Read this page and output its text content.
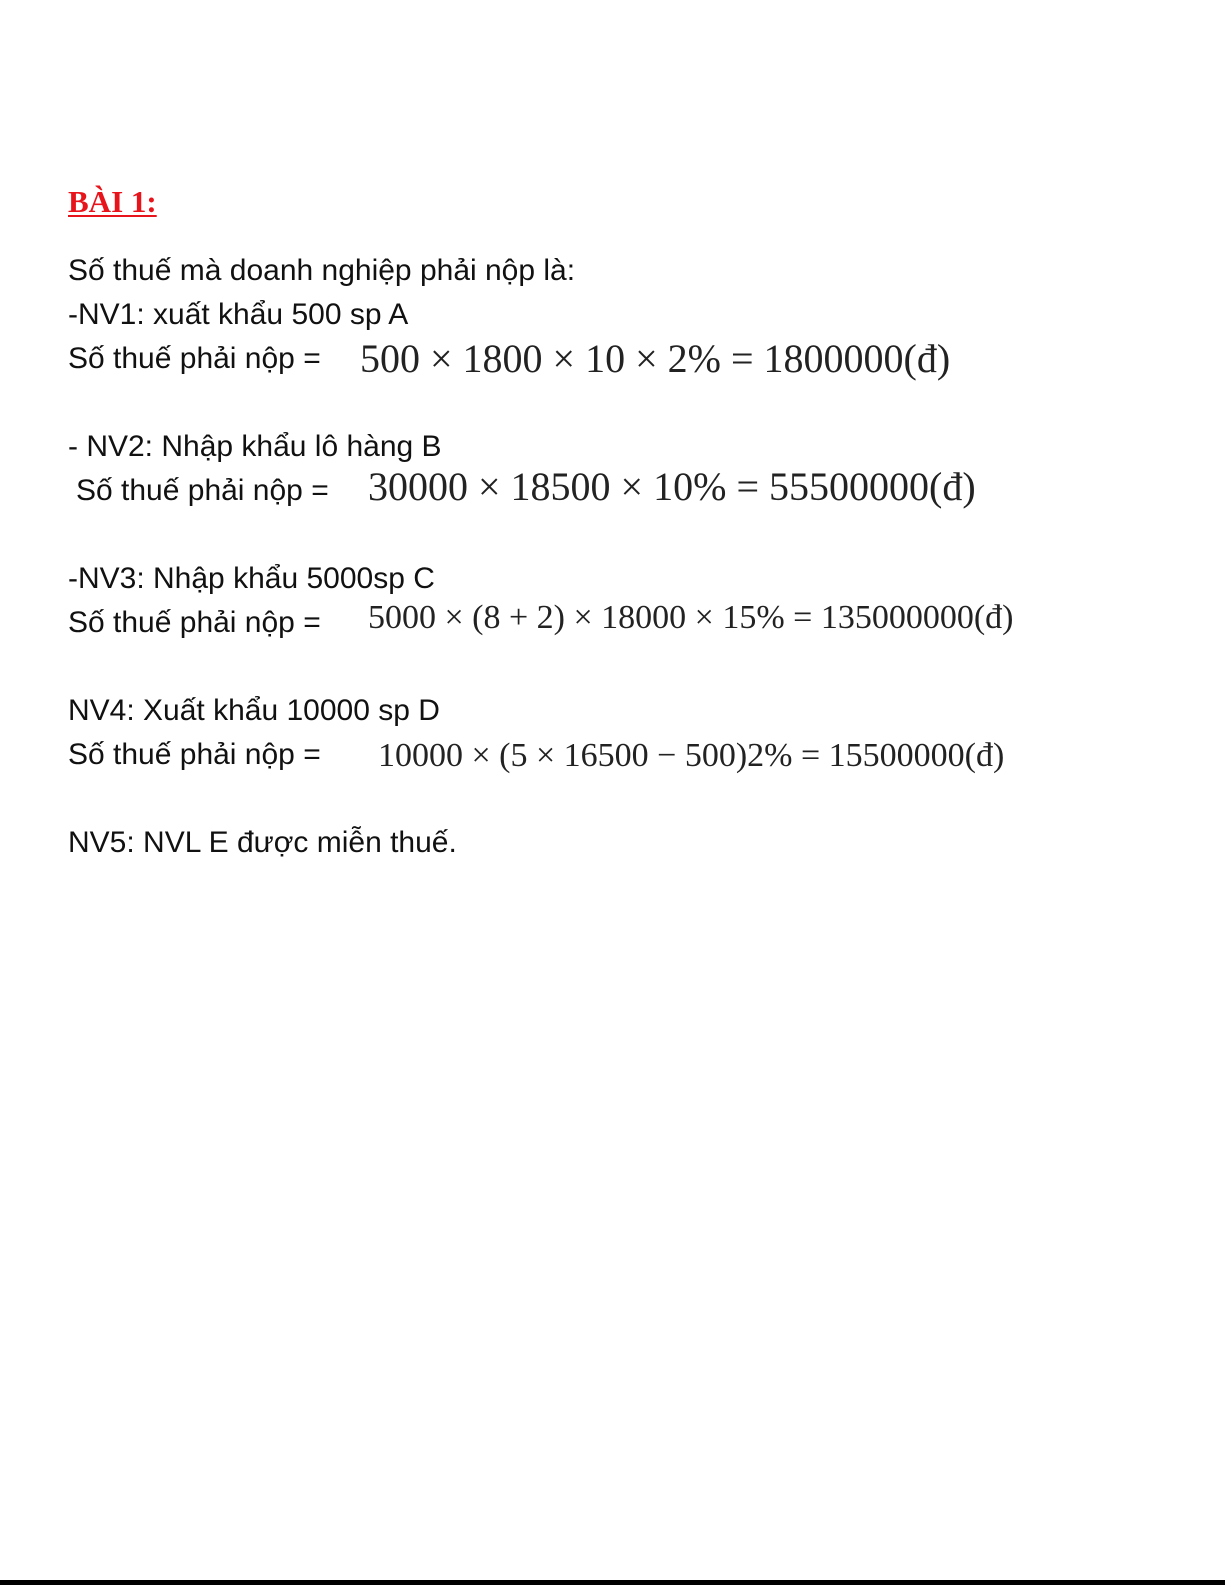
BÀI 1:
Số thuế mà doanh nghiệp phải nộp là:
-NV1: xuất khẩu 500 sp A
Số thuế phải nộp = 500 × 1800 × 10 × 2% = 1800000(đ)
- NV2: Nhập khẩu lô hàng B
Số thuế phải nộp = 30000 × 18500 × 10% = 55500000(đ)
-NV3: Nhập khẩu 5000sp C
Số thuế phải nộp = 5000 × (8 + 2) × 18000 × 15% = 135000000(đ)
NV4: Xuất khẩu 10000 sp D
Số thuế phải nộp = 10000 × (5 × 16500 − 500)2% = 15500000(đ)
NV5: NVL E được miễn thuế.
